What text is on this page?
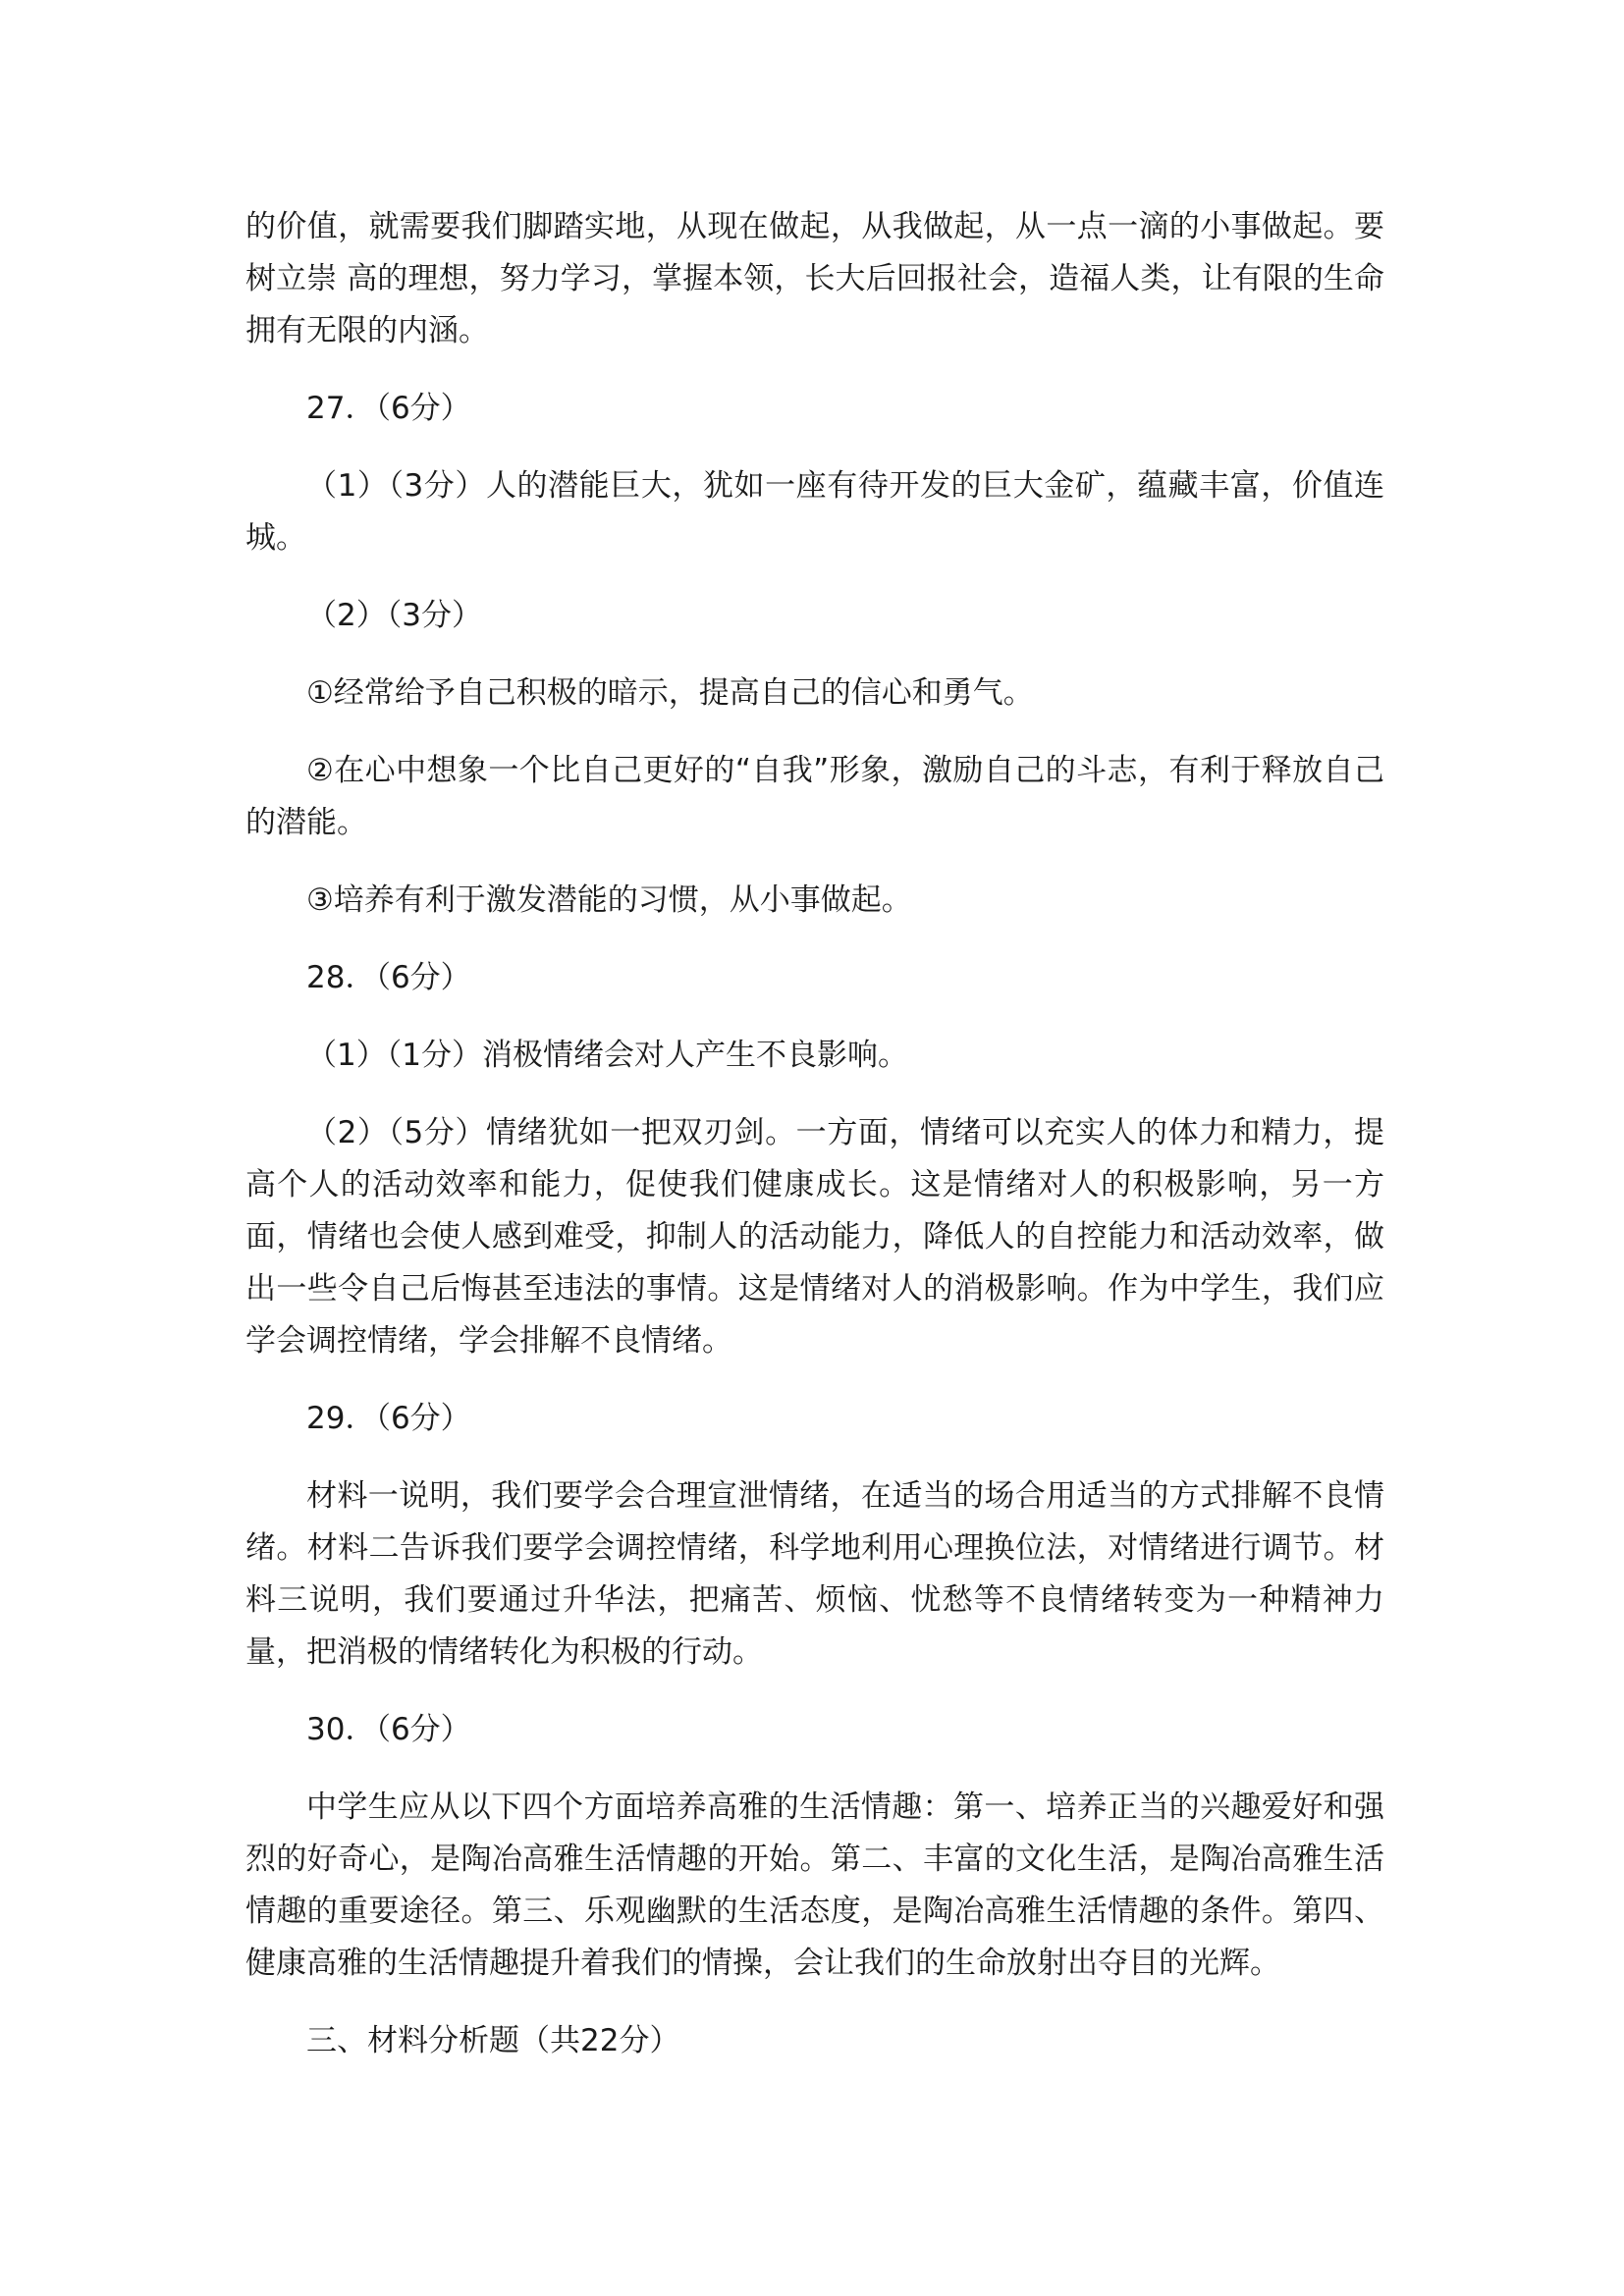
的价值，就需要我们脚踏实地，从现在做起，从我做起，从一点一滴的小事做起。要树立崇 高的理想，努力学习，掌握本领，长大后回报社会，造福人类，让有限的生命拥有无限的内涵。

27．（6分）

（1）（3分）人的潜能巨大，犹如一座有待开发的巨大金矿，蕴藏丰富，价值连城。

（2）（3分）

①经常给予自己积极的暗示，提高自己的信心和勇气。

②在心中想象一个比自己更好的“自我”形象，激励自己的斗志，有利于释放自己的潜能。

③培养有利于激发潜能的习惯，从小事做起。

28．（6分）

（1）（1分）消极情绪会对人产生不良影响。

（2）（5分）情绪犹如一把双刃剑。一方面，情绪可以充实人的体力和精力，提高个人的活动效率和能力，促使我们健康成长。这是情绪对人的积极影响，另一方面，情绪也会使人感到难受，抑制人的活动能力，降低人的自控能力和活动效率，做出一些令自己后悔甚至违法的事情。这是情绪对人的消极影响。作为中学生，我们应学会调控情绪，学会排解不良情绪。

29．（6分）

材料一说明，我们要学会合理宣泄情绪，在适当的场合用适当的方式排解不良情绪。材料二告诉我们要学会调控情绪，科学地利用心理换位法，对情绪进行调节。材料三说明，我们要通过升华法，把痛苦、烦恼、忧愁等不良情绪转变为一种精神力量，把消极的情绪转化为积极的行动。

30．（6分）

中学生应从以下四个方面培养高雅的生活情趣：第一、培养正当的兴趣爱好和强烈的好奇心，是陶冶高雅生活情趣的开始。第二、丰富的文化生活，是陶冶高雅生活情趣的重要途径。第三、乐观幽默的生活态度，是陶冶高雅生活情趣的条件。第四、健康高雅的生活情趣提升着我们的情操，会让我们的生命放射出夺目的光辉。

三、材料分析题（共22分）
